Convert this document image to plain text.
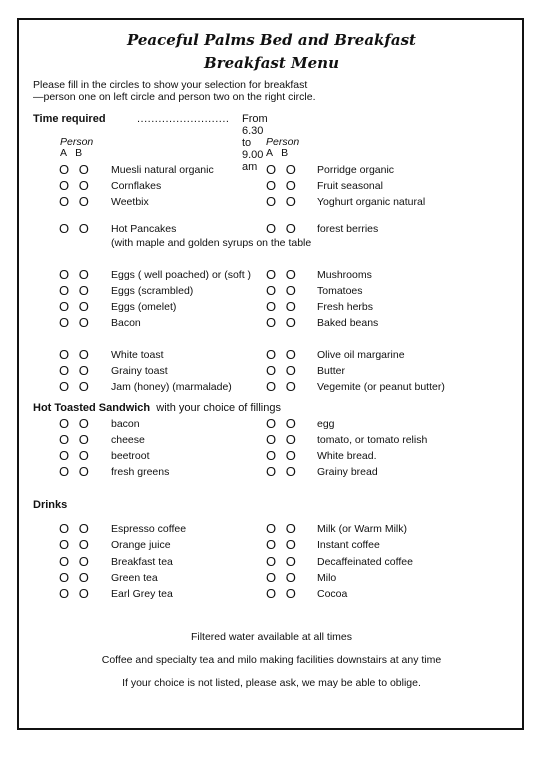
Peaceful Palms Bed and Breakfast
Breakfast Menu
Please fill in the circles to show your selection for breakfast
—person one on left circle and person two on the right circle.
Time required	.......................... From 6.30 to 9.00 am
Person
A   B
Person
A   B
O O Muesli natural organic	O O Porridge organic
O O Cornflakes	O O Fruit seasonal
O O Weetbix	O O Yoghurt organic natural
O O Hot Pancakes	O O forest berries
(with maple and golden syrups on the table
O O Eggs ( well poached) or (soft ) O O Mushrooms
O O Eggs (scrambled)	O O Tomatoes
O O Eggs (omelet)	O O Fresh herbs
O O Bacon	O O Baked beans
O O White toast	O O Olive oil margarine
O O Grainy toast	O O Butter
O O Jam (honey) (marmalade)	O O Vegemite (or peanut butter)
O O bacon	O O egg
O O cheese	O O tomato, or tomato relish
O O beetroot	O O White bread.
O O fresh greens	O O Grainy bread
O O Espresso coffee	O O Milk (or Warm Milk)
O O Orange juice	O O Instant coffee
O O Breakfast tea	O O Decaffeinated coffee
O O Green tea	O O Milo
O O Earl Grey tea	O O Cocoa
Hot Toasted Sandwich with your choice of fillings
Drinks
Filtered water available at all times
Coffee and specialty tea and milo making facilities downstairs at any time
If your choice is not listed, please ask, we may be able to oblige.
